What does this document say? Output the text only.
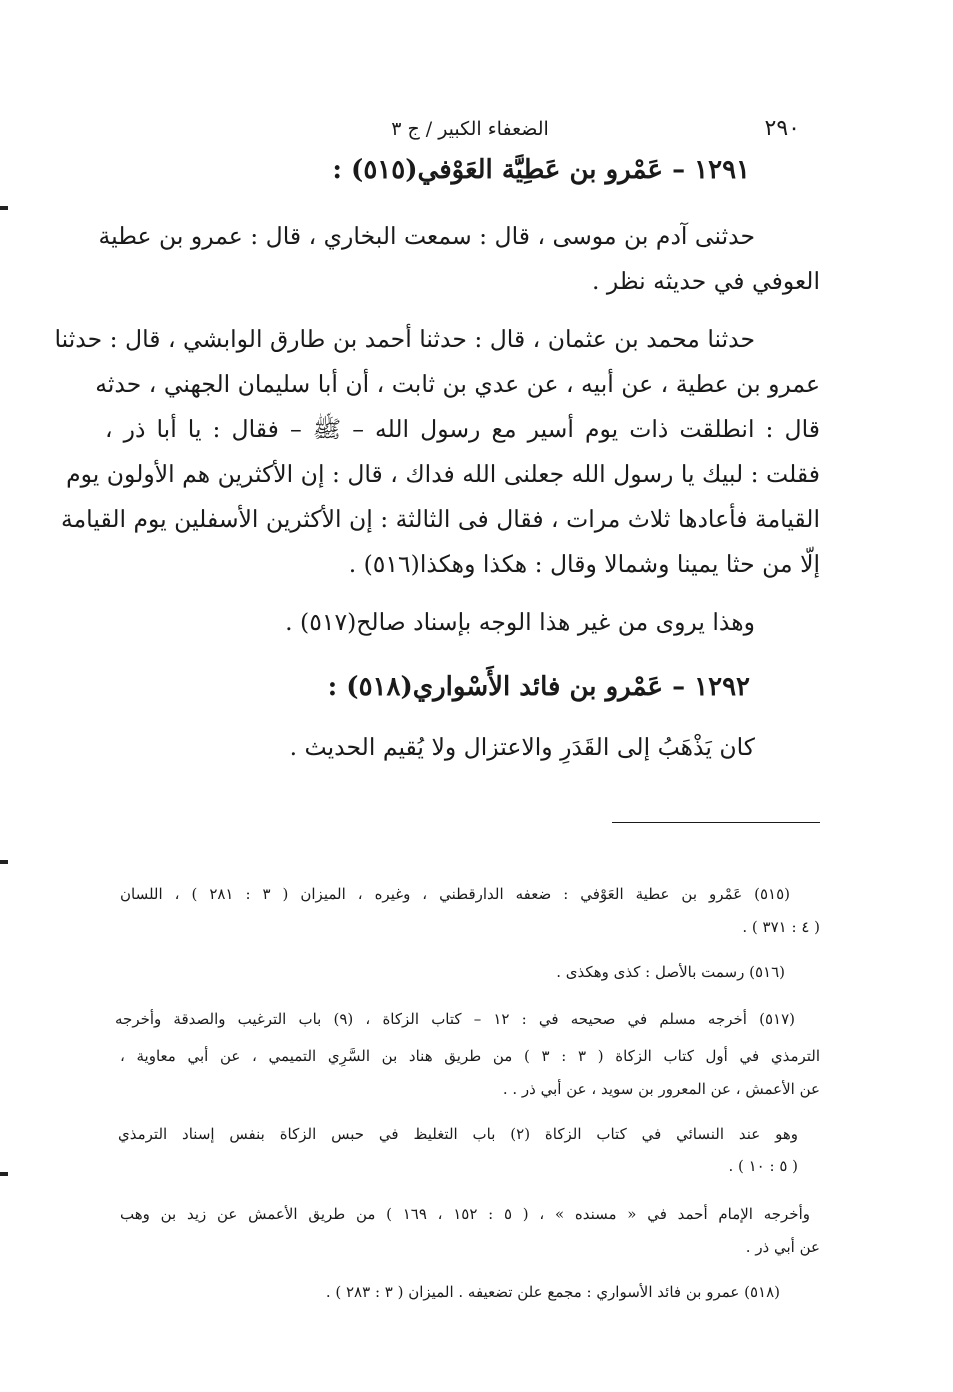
٢٩٠
الضعفاء الكبير / ج ٣
١٢٩١ – عَمْرو بن عَطِيَّة العَوْفي(٥١٥) :
حدثنى آدم بن موسى ، قال : سمعت البخاري ، قال : عمرو بن عطية
العوفي في حديثه نظر .
حدثنا محمد بن عثمان ، قال : حدثنا أحمد بن طارق الوابشي ، قال : حدثنا
عمرو بن عطية ، عن أبيه ، عن عدي بن ثابت ، أن أبا سليمان الجهني ، حدثه
قال : انطلقت ذات يوم أسير مع رسول الله – ﷺ – فقال : يا أبا ذر ،
فقلت : لبيك يا رسول الله جعلنى الله فداك ، قال : إن الأكثرين هم الأولون يوم
القيامة فأعادها ثلاث مرات ، فقال فى الثالثة : إن الأكثرين الأسفلين يوم القيامة
إلّا من حثا يمينا وشمالا وقال : هكذا وهكذا(٥١٦) .
وهذا يروى من غير هذا الوجه بإسناد صالح(٥١٧) .
١٢٩٢ – عَمْرو بن فائد الأَسْواري(٥١٨) :
كان يَذْهَبُ إلى القَدَرِ والاعتزال ولا يُقيم الحديث .
(٥١٥) عَمْرو بن عطية العَوْفي : ضعفه الدارقطني ، وغيره ، الميزان ( ٣ : ٢٨١ ) ، اللسان
( ٤ : ٣٧١ ) .
(٥١٦) رسمت بالأصل : كذى وهكذى .
(٥١٧) أخرجه مسلم في صحيحه في : ١٢ – كتاب الزكاة ، (٩) باب الترغيب والصدقة وأخرجه
الترمذي في أول كتاب الزكاة ( ٣ : ٣ ) من طريق هناد بن السَّرِي التميمي ، عن أبي معاوية ،
عن الأعمش ، عن المعرور بن سويد ، عن أبي ذر . .
وهو عند النسائي في كتاب الزكاة (٢) باب التغليظ في حبس الزكاة بنفس إسناد الترمذي
( ٥ : ١٠ ) .
وأخرجه الإمام أحمد في « مسنده » ، ( ٥ : ١٥٢ ، ١٦٩ ) من طريق الأعمش عن زيد بن وهب
عن أبي ذر .
(٥١٨) عمرو بن فائد الأسواري : مجمع علن تضعيفه . الميزان ( ٣ : ٢٨٣ ) .
